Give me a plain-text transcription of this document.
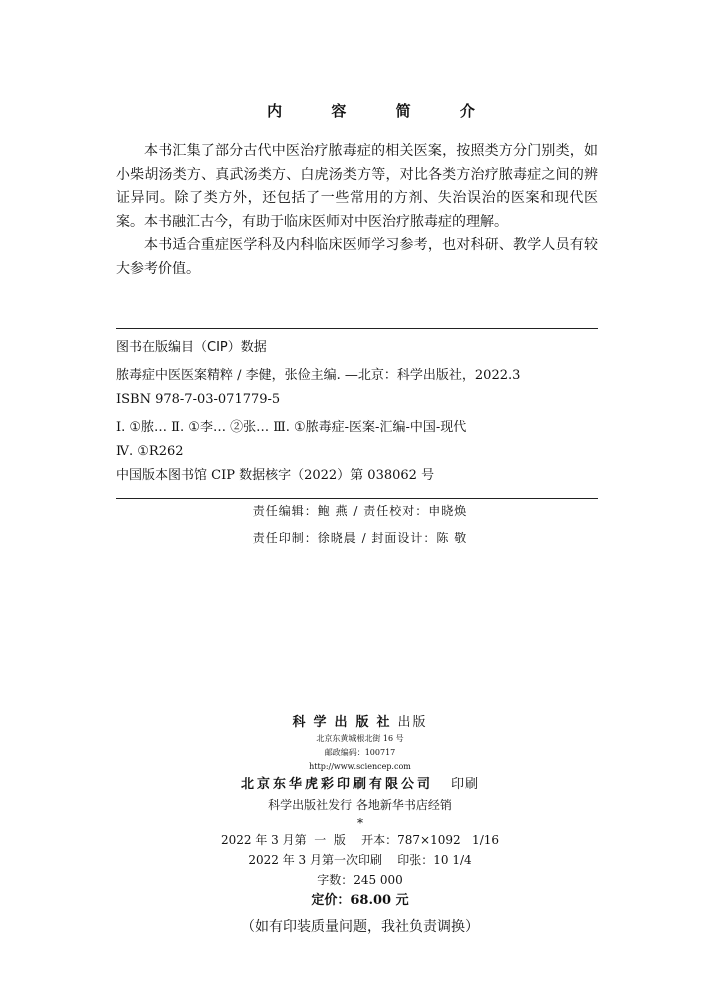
内 容 简 介

本书汇集了部分古代中医治疗脓毒症的相关医案，按照类方分门别类，如小柴胡汤类方、真武汤类方、白虎汤类方等，对比各类方治疗脓毒症之间的辨证异同。除了类方外，还包括了一些常用的方剂、失治误治的医案和现代医案。本书融汇古今，有助于临床医师对中医治疗脓毒症的理解。

本书适合重症医学科及内科临床医师学习参考，也对科研、教学人员有较大参考价值。

图书在版编目（CIP）数据
脓毒症中医医案精粹 / 李健，张俭主编. —北京：科学出版社，2022.3
ISBN 978-7-03-071779-5
Ⅰ. ①脓… Ⅱ. ①李… ②张… Ⅲ. ①脓毒症-医案-汇编-中国-现代
Ⅳ. ①R262
中国版本图书馆 CIP 数据核字（2022）第 038062 号
责任编辑：鲍 燕 / 责任校对：申晓焕
责任印制：徐晓晨 / 封面设计：陈 敬
科学出版社出版
北京东黄城根北街 16 号
邮政编码：100717
http://www.sciencep.com
北京东华虎彩印刷有限公司 印刷
科学出版社发行 各地新华书店经销
*
2022 年 3 月第  一  版    开本：787×1092   1/16
2022 年 3 月第一次印刷    印张：10 1/4
字数：245 000
定价：68.00 元
（如有印装质量问题，我社负责调换）
